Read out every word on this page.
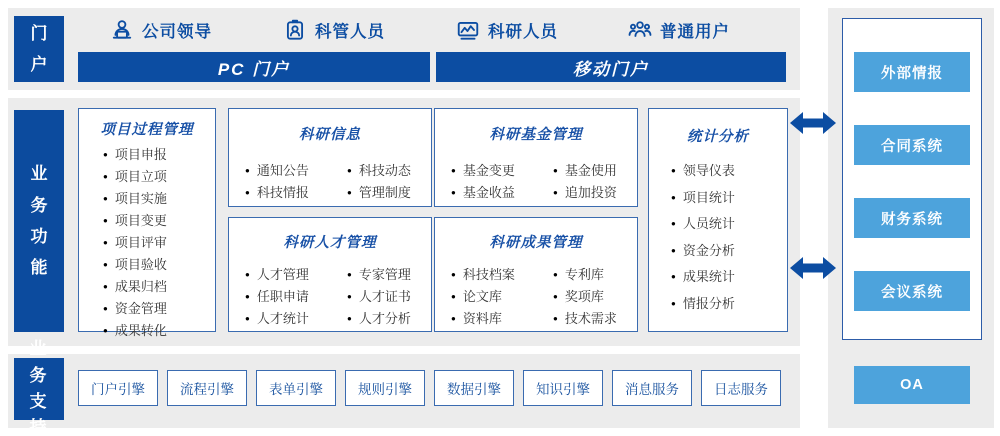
门户
业务功能
业务支持
公司领导	科管人员	科研人员	普通用户
PC 门户	移动门户
项目过程管理
● 项目申报
● 项目立项
● 项目实施
● 项目变更
● 项目评审
● 项目验收
● 成果归档
● 资金管理
● 成果转化
科研信息
● 通知公告
● 科技情报
● 科技动态
● 管理制度
科研人才管理
● 人才管理
● 任职申请
● 人才统计
● 专家管理
● 人才证书
● 人才分析
科研基金管理
● 基金变更
● 基金收益
● 基金使用
● 追加投资
科研成果管理
● 科技档案
● 论文库
● 资料库
● 专利库
● 奖项库
● 技术需求
统计分析
● 领导仪表
● 项目统计
● 人员统计
● 资金分析
● 成果统计
● 情报分析
门户引擎	流程引擎	表单引擎	规则引擎	数据引擎	知识引擎	消息服务	日志服务
外部情报
合同系统
财务系统
会议系统
OA
